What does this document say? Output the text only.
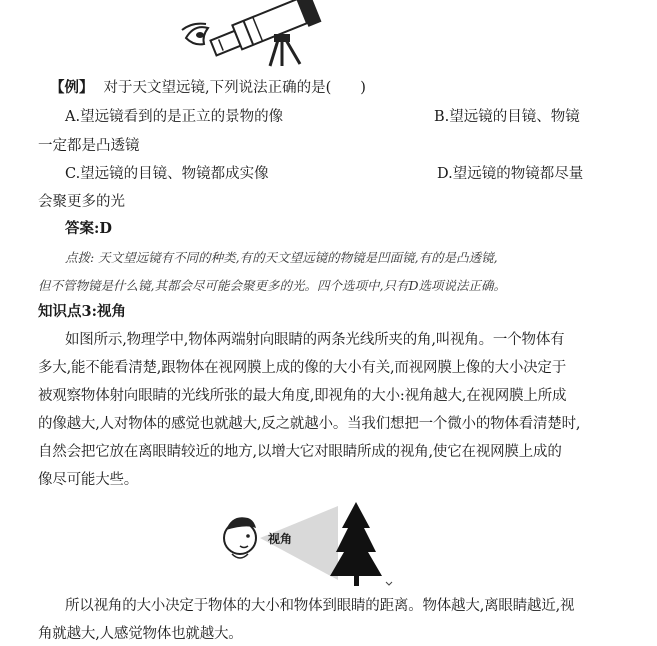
【例】 对于天文望远镜,下列说法正确的是(　　)
A.望远镜看到的是正立的景物的像	B.望远镜的目镜、物镜
一定都是凸透镜
C.望远镜的目镜、物镜都成实像	D.望远镜的物镜都尽量
会聚更多的光
答案:D
点拨: 天文望远镜有不同的种类,有的天文望远镜的物镜是凹面镜,有的是凸透镜,
但不管物镜是什么镜,其都会尽可能会聚更多的光。四个选项中,只有D选项说法正确。
知识点3:视角
如图所示,物理学中,物体两端射向眼睛的两条光线所夹的角,叫视角。一个物体有
多大,能不能看清楚,跟物体在视网膜上成的像的大小有关,而视网膜上像的大小决定于
被观察物体射向眼睛的光线所张的最大角度,即视角的大小:视角越大,在视网膜上所成
的像越大,人对物体的感觉也就越大,反之就越小。当我们想把一个微小的物体看清楚时,
自然会把它放在离眼睛较近的地方,以增大它对眼睛所成的视角,使它在视网膜上成的
像尽可能大些。
视角
所以视角的大小决定于物体的大小和物体到眼睛的距离。物体越大,离眼睛越近,视
角就越大,人感觉物体也就越大。
